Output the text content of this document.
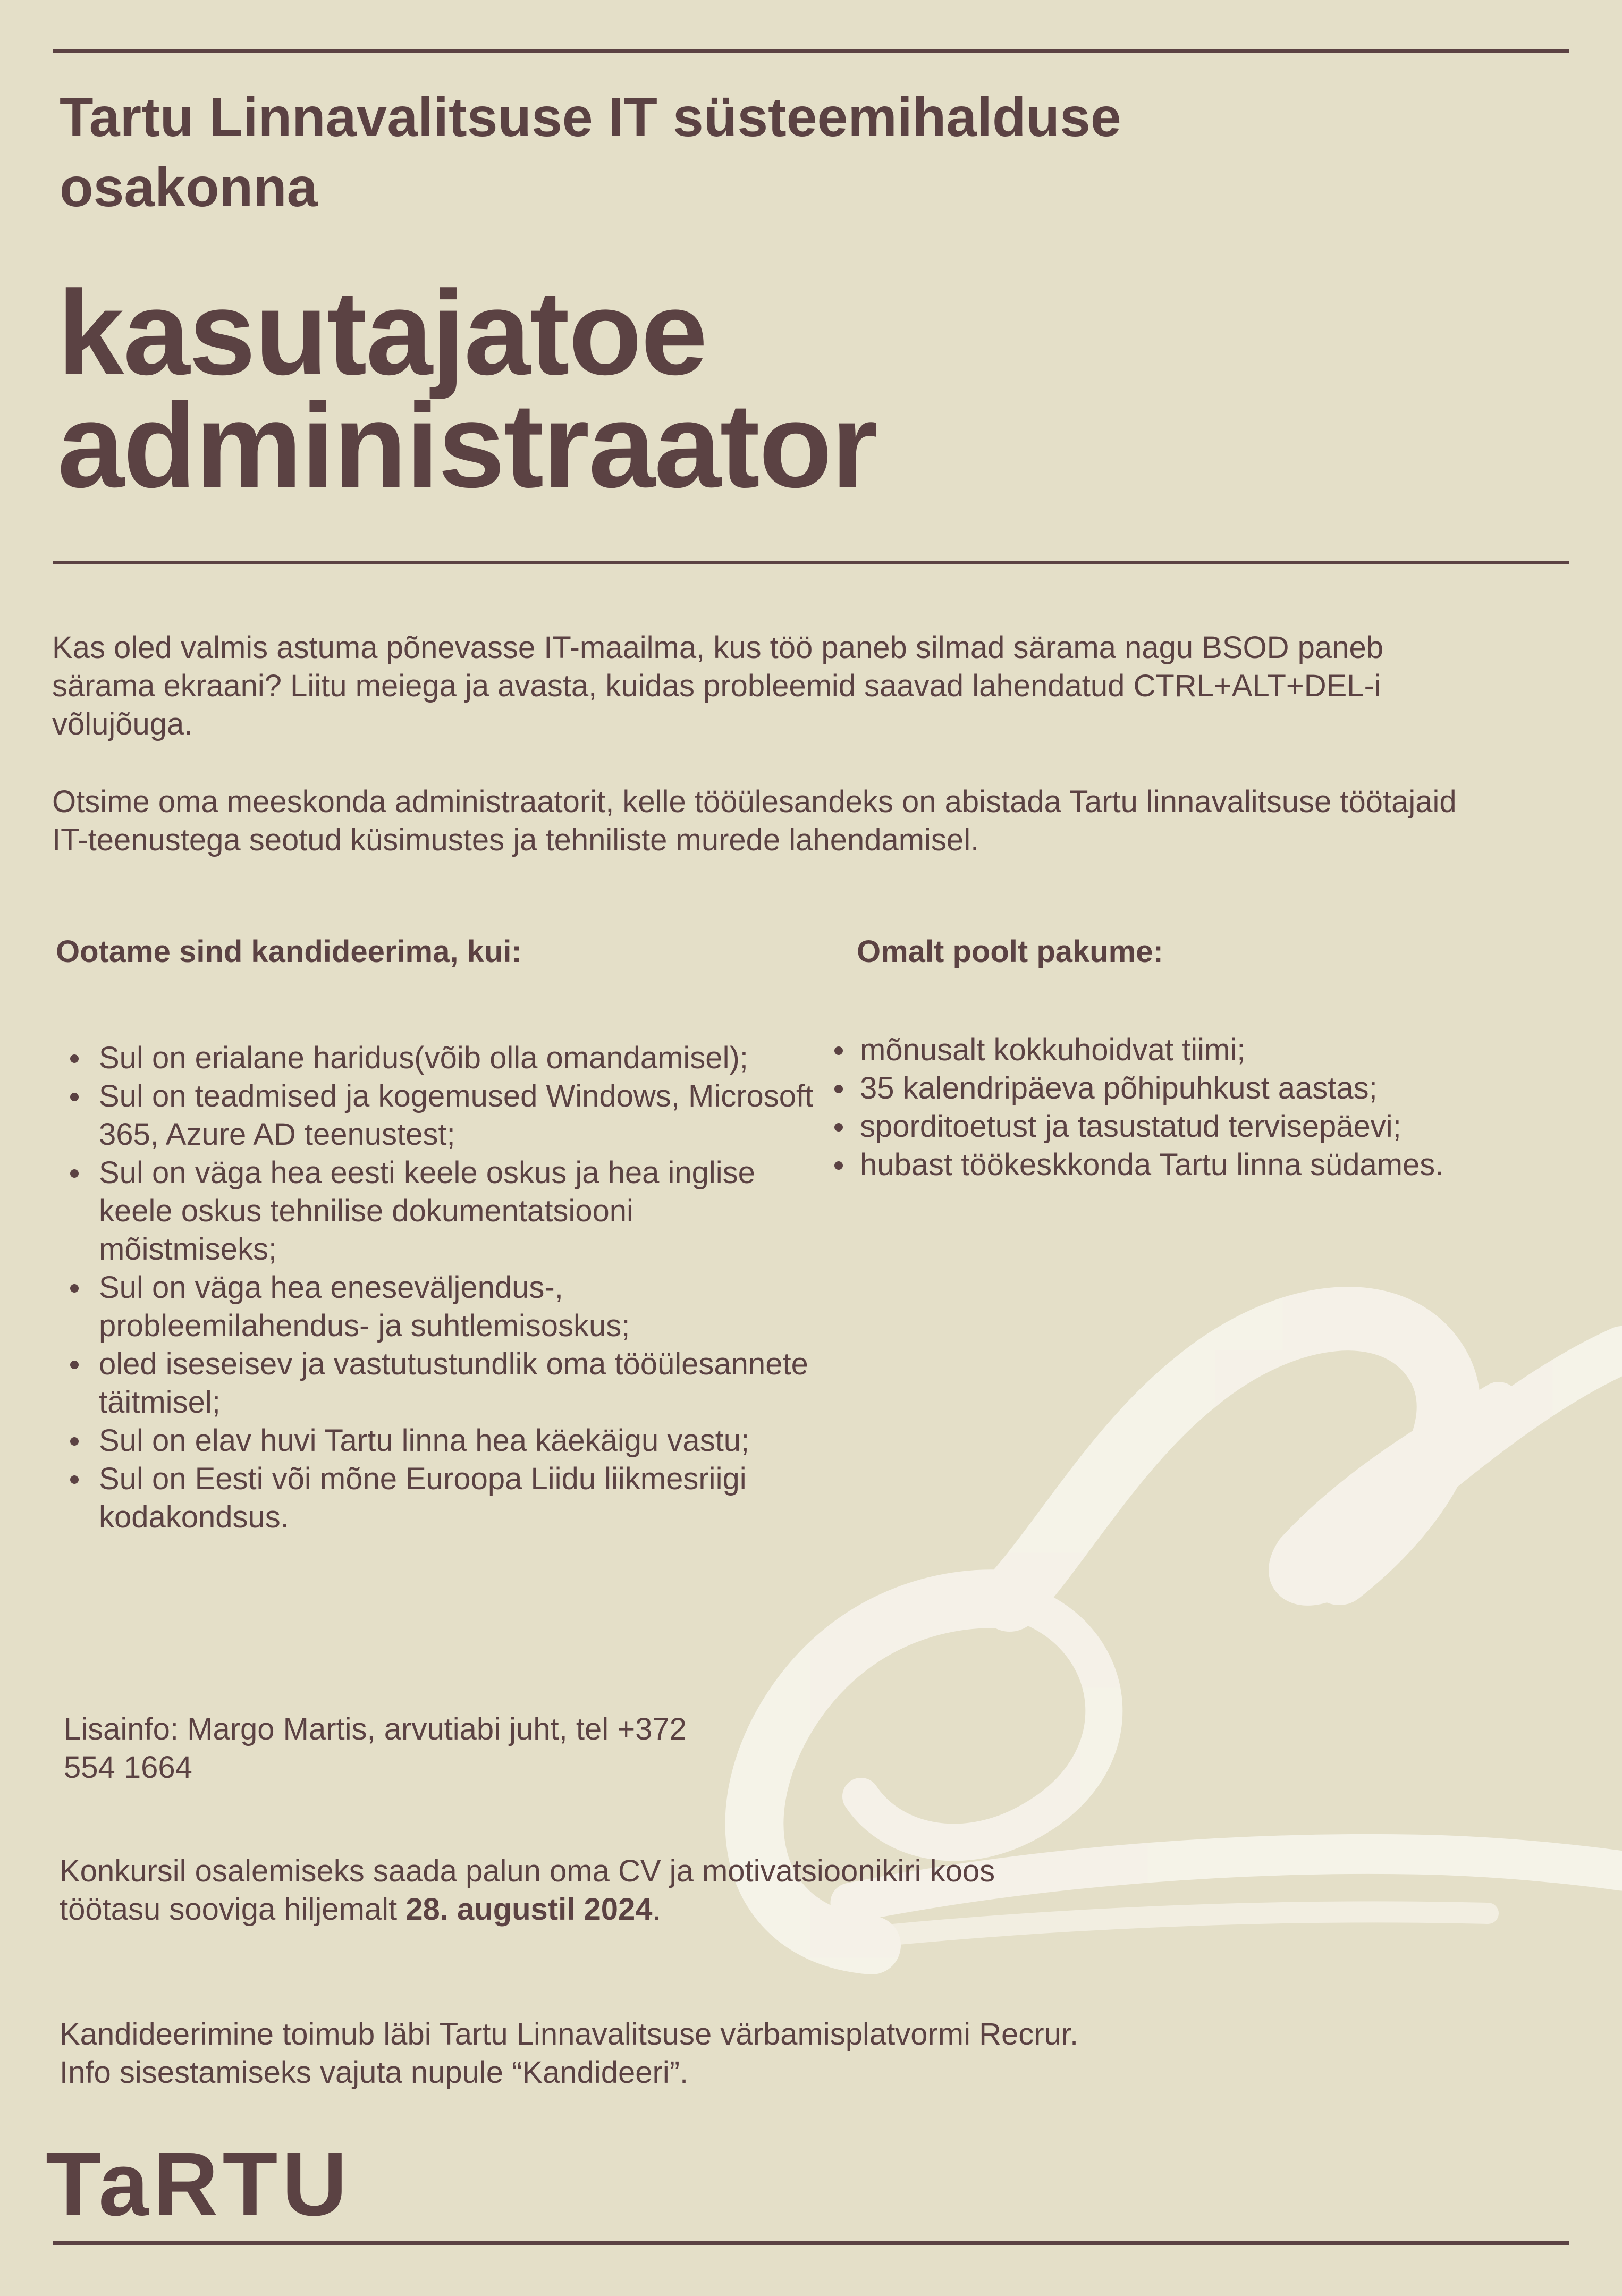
Tartu Linnavalitsuse IT süsteemihalduse osakonna
kasutajatoe administraator
Kas oled valmis astuma põnevasse IT-maailma, kus töö paneb silmad särama nagu BSOD paneb särama ekraani? Liitu meiega ja avasta, kuidas probleemid saavad lahendatud CTRL+ALT+DEL-i võlujõuga.
Otsime oma meeskonda administraatorit, kelle tööülesandeks on abistada Tartu linnavalitsuse töötajaid IT-teenustega seotud küsimustes ja tehniliste murede lahendamisel.
Ootame sind kandideerima, kui:
Sul on erialane haridus(võib olla omandamisel);
Sul on teadmised ja kogemused Windows, Microsoft 365, Azure AD teenustest;
Sul on väga hea eesti keele oskus ja hea inglise keele oskus tehnilise dokumentatsiooni mõistmiseks;
Sul on väga hea eneseväljendus-, probleemilahendus- ja suhtlemisoskus;
oled iseseisev ja vastutustundlik oma tööülesannete täitmisel;
Sul on elav huvi Tartu linna hea käekäigu vastu;
Sul on Eesti või mõne Euroopa Liidu liikmesriigi kodakondsus.
Omalt poolt pakume:
mõnusalt kokkuhoidvat tiimi;
35 kalendripäeva põhipuhkust aastas;
sporditoetust ja tasustatud tervisepäevi;
hubast töökeskkonda Tartu linna südames.
Lisainfo: Margo Martis, arvutiabi juht, tel +372 554 1664
Konkursil osalemiseks saada palun oma CV ja motivatsioonikiri koos töötasu sooviga hiljemalt 28. augustil 2024.
Kandideerimine toimub läbi Tartu Linnavalitsuse värbamisplatvormi Recrur.
Info sisestamiseks vajuta nupule “Kandideeri”.
TaRTU
